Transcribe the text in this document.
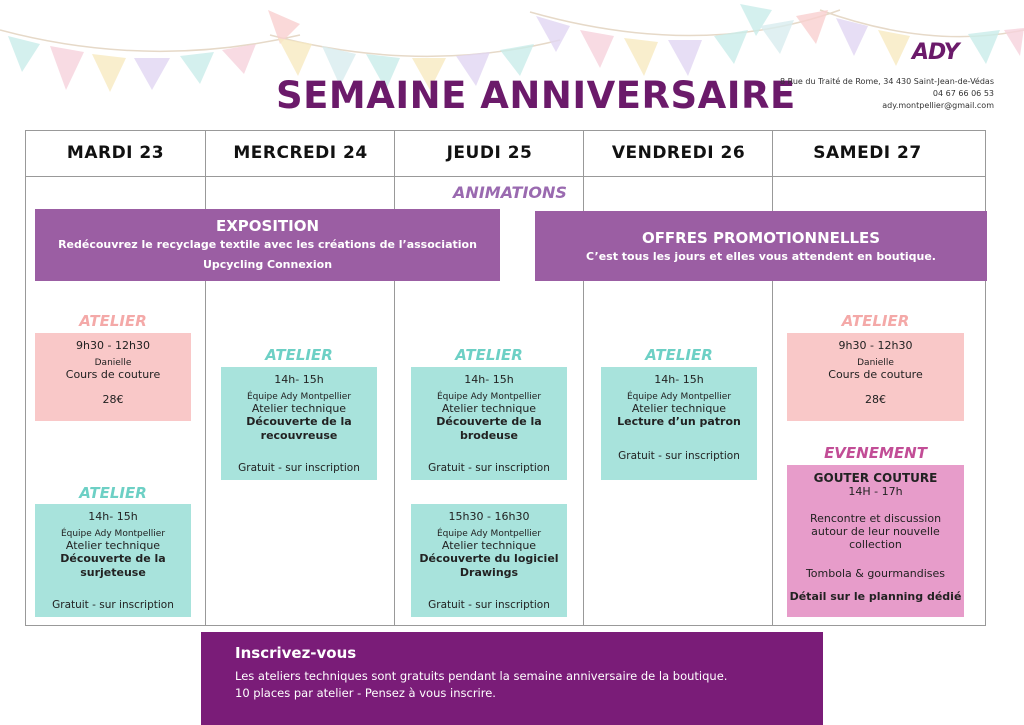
SEMAINE ANNIVERSAIRE
ADY
8 Rue du Traité de Rome, 34 430 Saint-Jean-de-Védas
04 67 66 06 53
ady.montpellier@gmail.com
MARDI 23	MERCREDI 24	JEUDI 25	VENDREDI 26	SAMEDI 27
ANIMATIONS
EXPOSITION
Redécouvrez le recyclage textile avec les créations de l’association
Upcycling Connexion
OFFRES PROMOTIONNELLES
C’est tous les jours et elles vous attendent en boutique.
ATELIER
9h30 - 12h30
Danielle
Cours de couture
28€
ATELIER
14h- 15h
Équipe Ady Montpellier
Atelier technique
Découverte de la
surjeteuse
Gratuit - sur inscription
ATELIER
14h- 15h
Équipe Ady Montpellier
Atelier technique
Découverte de la
recouvreuse
Gratuit - sur inscription
ATELIER
14h- 15h
Équipe Ady Montpellier
Atelier technique
Découverte de la
brodeuse
Gratuit - sur inscription
15h30 - 16h30
Équipe Ady Montpellier
Atelier technique
Découverte du logiciel
Drawings
Gratuit - sur inscription
ATELIER
14h- 15h
Équipe Ady Montpellier
Atelier technique
Lecture d’un patron
Gratuit - sur inscription
ATELIER
9h30 - 12h30
Danielle
Cours de couture
28€
EVENEMENT
GOUTER COUTURE
14H - 17h
Rencontre et discussion
autour de leur nouvelle
collection
Tombola & gourmandises
Détail sur le planning dédié
Inscrivez-vous
Les ateliers techniques sont gratuits pendant la semaine anniversaire de la boutique.
10 places par atelier - Pensez à vous inscrire.
